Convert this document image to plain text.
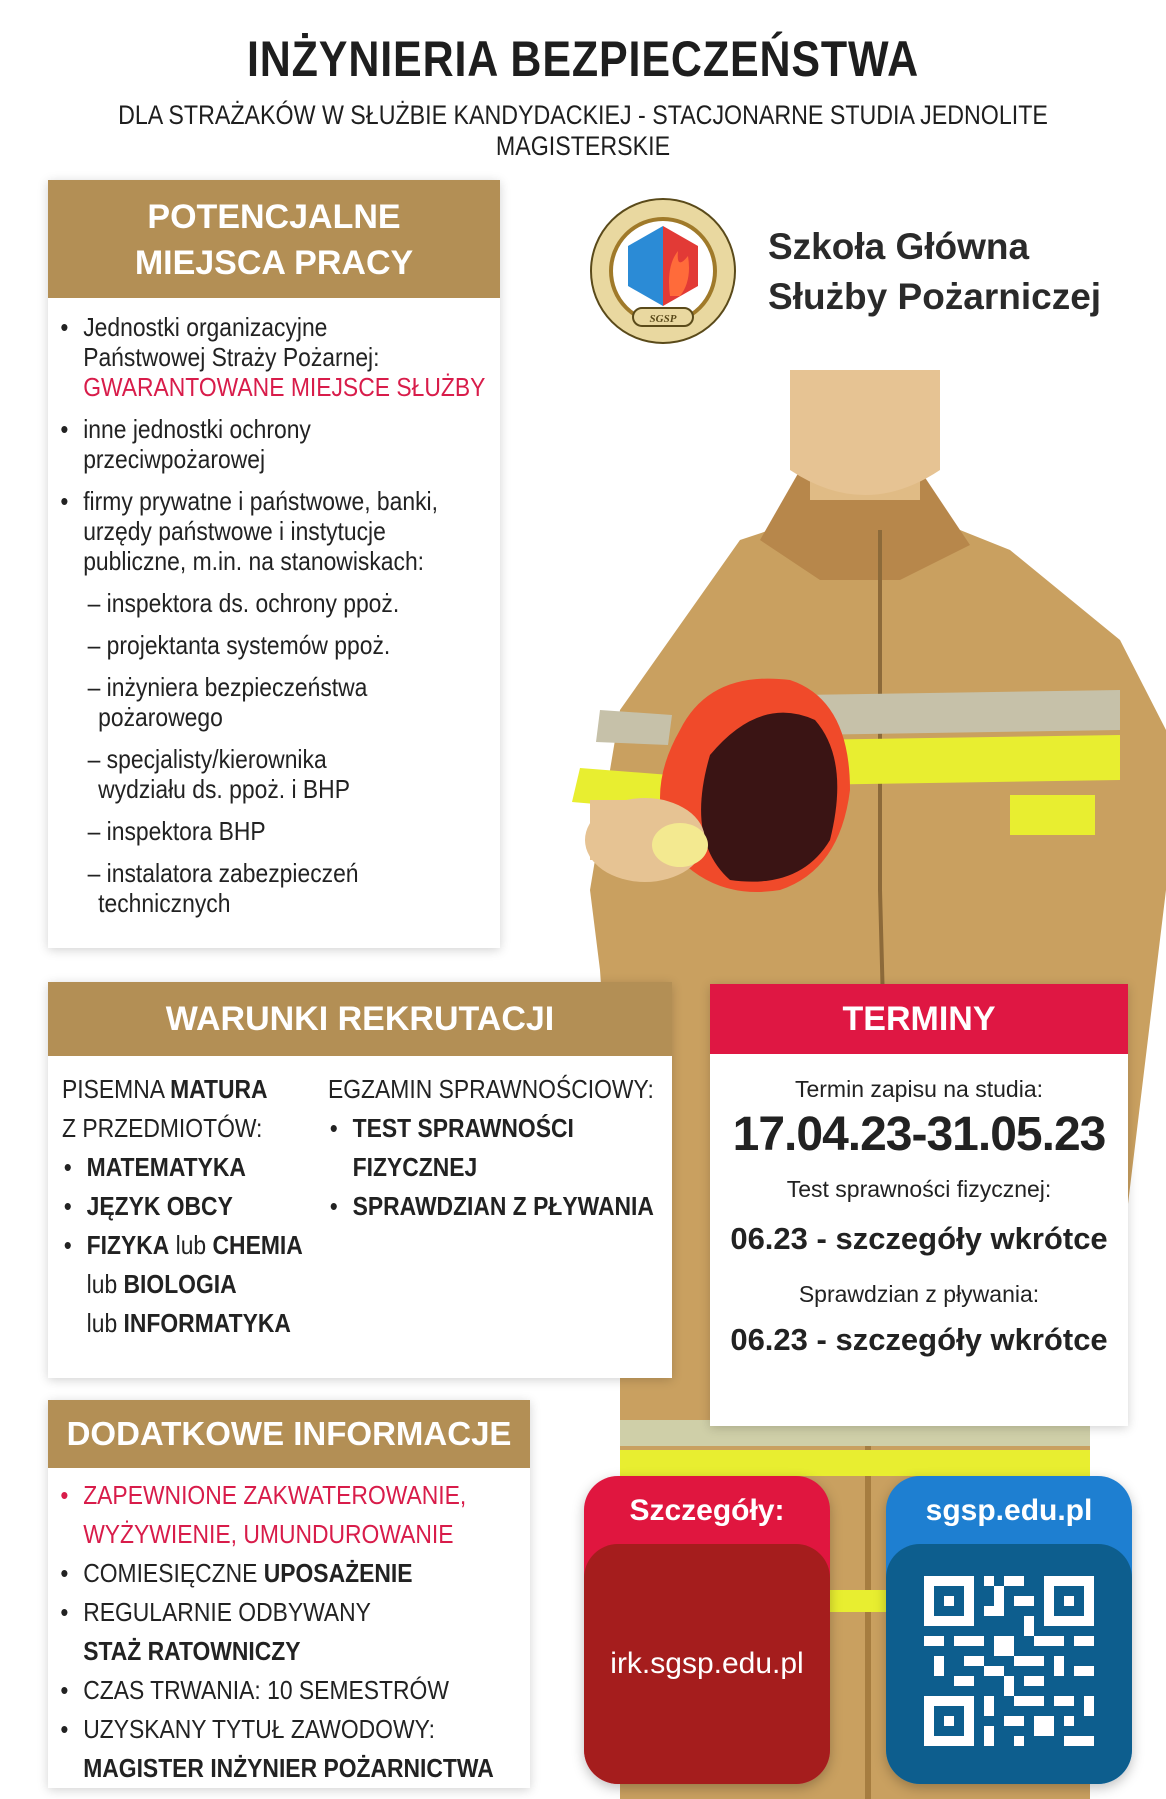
INŻYNIERIA BEZPIECZEŃSTWA
DLA STRAŻAKÓW W SŁUŻBIE KANDYDACKIEJ - STACJONARNE STUDIA JEDNOLITE MAGISTERSKIE
SGSP
Szkoła Główna
Służby Pożarniczej
POTENCJALNE
MIEJSCA PRACY
• Jednostki organizacyjne
Państwowej Straży Pożarnej:
GWARANTOWANE MIEJSCE SŁUŻBY
• inne jednostki ochrony
przeciwpożarowej
• firmy prywatne i państwowe, banki,
urzędy państwowe i instytucje
publiczne, m.in. na stanowiskach:
– inspektora ds. ochrony ppoż.
– projektanta systemów ppoż.
– inżyniera bezpieczeństwa
pożarowego
– specjalisty/kierownika
wydziału ds. ppoż. i BHP
– inspektora BHP
– instalatora zabezpieczeń
technicznych
WARUNKI REKRUTACJI
PISEMNA MATURA
Z PRZEDMIOTÓW:
• MATEMATYKA
• JĘZYK OBCY
• FIZYKA lub CHEMIA
lub BIOLOGIA
lub INFORMATYKA
EGZAMIN SPRAWNOŚCIOWY:
• TEST SPRAWNOŚCI
FIZYCZNEJ
• SPRAWDZIAN Z PŁYWANIA
TERMINY
Termin zapisu na studia:
17.04.23-31.05.23
Test sprawności fizycznej:
06.23 - szczegóły wkrótce
Sprawdzian z pływania:
06.23 - szczegóły wkrótce
DODATKOWE INFORMACJE
• ZAPEWNIONE ZAKWATEROWANIE,
WYŻYWIENIE, UMUNDUROWANIE
• COMIESIĘCZNE UPOSAŻENIE
• REGULARNIE ODBYWANY
STAŻ RATOWNICZY
• CZAS TRWANIA: 10 SEMESTRÓW
• UZYSKANY TYTUŁ ZAWODOWY:
MAGISTER INŻYNIER POŻARNICTWA
Szczegóły:
irk.sgsp.edu.pl
sgsp.edu.pl
